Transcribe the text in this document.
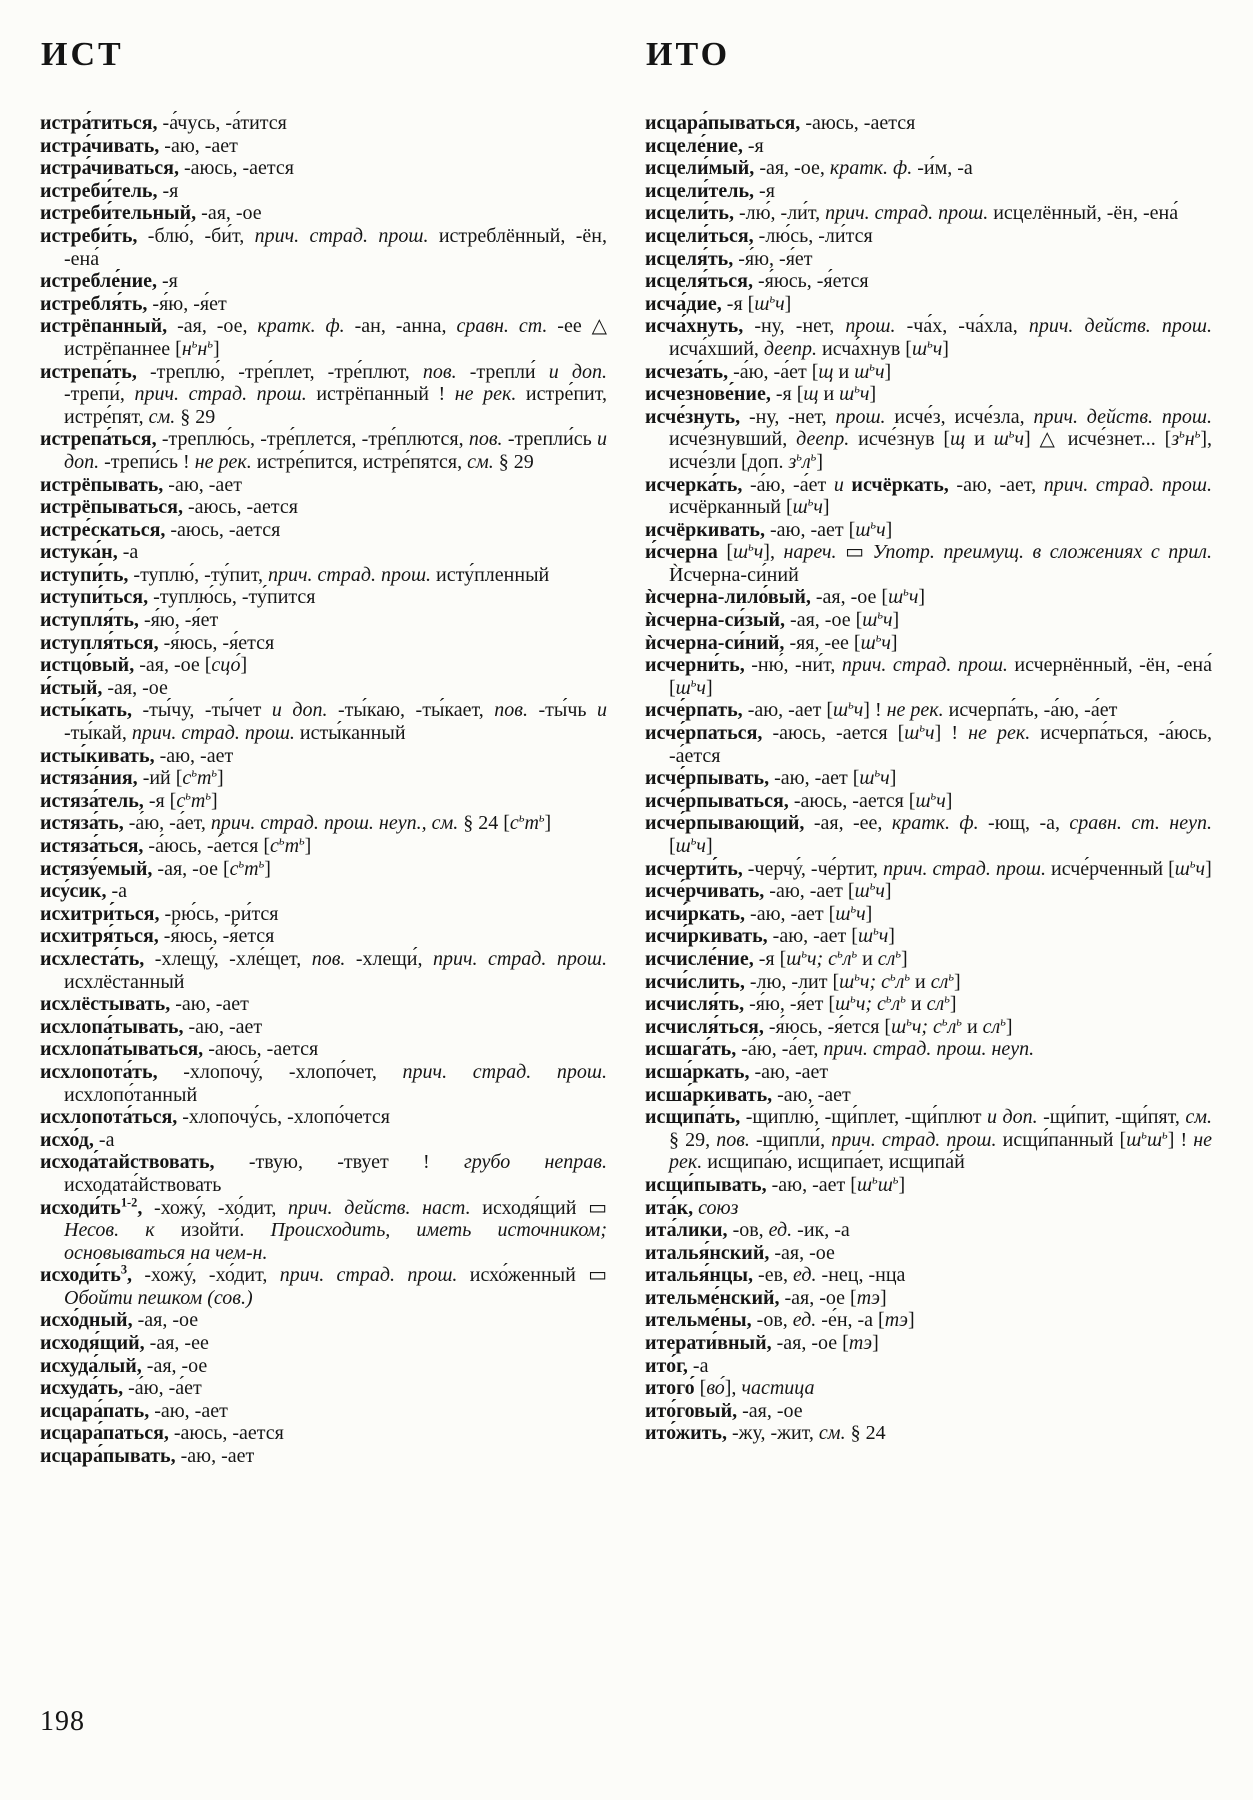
ИСТ
истра́титься, -а́чусь, -а́тится
истра́чивать, -аю, -ает
истра́чиваться, -аюсь, -ается
истреби́тель, -я
истреби́тельный, -ая, -ое
истреби́ть, -блю́, -би́т, прич. страд. прош. истреблённый, -ён, -ена́
истребле́ние, -я
истребля́ть, -я́ю, -я́ет
истрёпанный, -ая, -ое, кратк. ф. -ан, -анна, сравн. ст. -ее △ истрёпаннее $[н^ьн^ь]$
истрепа́ть, -треплю́, -тре́плет, -тре́плют, пов. -трепли́ и доп. -трепи́, прич. страд. прош. истрёпанный ! не рек. истре́пит, истре́пят, см. § 29
истрепа́ться, -треплю́сь, -тре́плется, -тре́плются, пов. -трепли́сь и доп. -трепи́сь ! не рек. истре́пится, истре́пятся, см. § 29
истрёпывать, -аю, -ает
истрёпываться, -аюсь, -ается
истре́скаться, -аюсь, -ается
истука́н, -а
иступи́ть, -туплю́, -ту́пит, прич. страд. прош. исту́пленный
иступи́ться, -туплю́сь, -ту́пится
иступля́ть, -я́ю, -я́ет
иступля́ться, -я́юсь, -я́ется
истцо́вый, -ая, -ое [сцо́]
и́стый, -ая, -ое
исты́кать, -ты́чу, -ты́чет и доп. -ты́каю, -ты́кает, пов. -ты́чь и -ты́кай, прич. страд. прош. исты́канный
исты́кивать, -аю, -ает
истяза́ния, -ий $[с^ьт^ь]$
истяза́тель, -я $[с^ьт^ь]$
истяза́ть, -а́ю, -а́ет, прич. страд. прош. неуп., см. § 24 $[с^ьт^ь]$
истяза́ться, -а́юсь, -а́ется $[с^ьт^ь]$
истязу́емый, -ая, -ое $[с^ьт^ь]$
ису́сик, -а
исхитри́ться, -рю́сь, -ри́тся
исхитря́ться, -я́юсь, -я́ется
исхлеста́ть, -хлещу́, -хле́щет, пов. -хлещи́, прич. страд. прош. исхлёстанный
исхлёстывать, -аю, -ает
исхлопа́тывать, -аю, -ает
исхлопа́тываться, -аюсь, -ается
исхлопота́ть, -хлопочу́, -хлопо́чет, прич. страд. прош. исхлопо́танный
исхлопота́ться, -хлопочу́сь, -хлопо́чется
исхо́д, -а
исхода́тайствовать, -твую, -твует ! грубо неправ. исходата́йствовать
$исходи́ть^{1-2}$, -хожу́, -хо́дит, прич. действ. наст. исходя́щий ▭ Несов. к изойти́. Происходить, иметь источником; основываться на чем-н.
$исходи́ть^3$, -хожу́, -хо́дит, прич. страд. прош. исхо́женный ▭ Обойти пешком (сов.)
исхо́дный, -ая, -ое
исходя́щий, -ая, -ее
исхуда́лый, -ая, -ое
исхуда́ть, -а́ю, -а́ет
исцара́пать, -аю, -ает
исцара́паться, -аюсь, -ается
исцара́пывать, -аю, -ает
ИТО
исцара́пываться, -аюсь, -ается
исцеле́ние, -я
исцели́мый, -ая, -ое, кратк. ф. -и́м, -а
исцели́тель, -я
исцели́ть, -лю́, -ли́т, прич. страд. прош. исцелённый, -ён, -ена́
исцели́ться, -лю́сь, -ли́тся
исцеля́ть, -я́ю, -я́ет
исцеля́ться, -я́юсь, -я́ется
исча́дие, -я $[ш^ьч]$
исча́хнуть, -ну, -нет, прош. -ча́х, -ча́хла, прич. действ. прош. исча́хший, деепр. исча́хнув $[ш^ьч]$
исчеза́ть, -а́ю, -а́ет [щ и $ш^ьч$]
исчезнове́ние, -я [щ и $ш^ьч$]
исче́знуть, -ну, -нет, прош. исче́з, исче́зла, прич. действ. прош. исче́знувший, деепр. исче́знув [щ и $ш^ьч$] △ исче́знет... $[з^ьн^ь]$, исче́зли [доп. $з^ьл^ь$]
исчерка́ть, -а́ю, -а́ет и исчёркать, -аю, -ает, прич. страд. прош. исчёрканный $[ш^ьч]$
исчёркивать, -аю, -ает $[ш^ьч]$
и́счерна $[ш^ьч]$, нареч. ▭ Употр. преимущ. в сложениях с прил. Ѝсчерна-си́ний
ѝсчерна-лило́вый, -ая, -ое $[ш^ьч]$
ѝсчерна-си́зый, -ая, -ое $[ш^ьч]$
ѝсчерна-си́ний, -яя, -ее $[ш^ьч]$
исчерни́ть, -ню́, -ни́т, прич. страд. прош. исчернённый, -ён, -ена́ $[ш^ьч]$
исче́рпать, -аю, -ает $[ш^ьч]$ ! не рек. исчерпа́ть, -а́ю, -а́ет
исче́рпаться, -аюсь, -ается $[ш^ьч]$ ! не рек. исчерпа́ться, -а́юсь, -а́ется
исче́рпывать, -аю, -ает $[ш^ьч]$
исче́рпываться, -аюсь, -ается $[ш^ьч]$
исче́рпывающий, -ая, -ее, кратк. ф. -ющ, -а, сравн. ст. неуп. $[ш^ьч]$
исчерти́ть, -черчу́, -че́ртит, прич. страд. прош. исче́рченный $[ш^ьч]$
исче́рчивать, -аю, -ает $[ш^ьч]$
исчи́ркать, -аю, -ает $[ш^ьч]$
исчи́ркивать, -аю, -ает $[ш^ьч]$
исчисле́ние, -я [$ш^ьч$; $с^ьл^ь$ и $сл^ь$]
исчи́слить, -лю, -лит [$ш^ьч$; $с^ьл^ь$ и $сл^ь$]
исчисля́ть, -я́ю, -я́ет [$ш^ьч$; $с^ьл^ь$ и $сл^ь$]
исчисля́ться, -я́юсь, -я́ется [$ш^ьч$; $с^ьл^ь$ и $сл^ь$]
исшага́ть, -а́ю, -а́ет, прич. страд. прош. неуп.
исша́ркать, -аю, -ает
исша́ркивать, -аю, -ает
исщипа́ть, -щиплю́, -щи́плет, -щи́плют и доп. -щи́пит, -щи́пят, см. § 29, пов. -щипли́, прич. страд. прош. исщи́панный $[ш^ьш^ь]$ ! не рек. исщипа́ю, исщипа́ет, исщипа́й
исщи́пывать, -аю, -ает $[ш^ьш^ь]$
ита́к, союз
ита́лики, -ов, ед. -ик, -а
италья́нский, -ая, -ое
италья́нцы, -ев, ед. -нец, -нца
ительме́нский, -ая, -ое [тэ]
ительме́ны, -ов, ед. -е́н, -а [тэ]
итерати́вный, -ая, -ое [тэ]
ито́г, -а
итого́ [во́], частица
ито́говый, -ая, -ое
ито́жить, -жу, -жит, см. § 24
198
